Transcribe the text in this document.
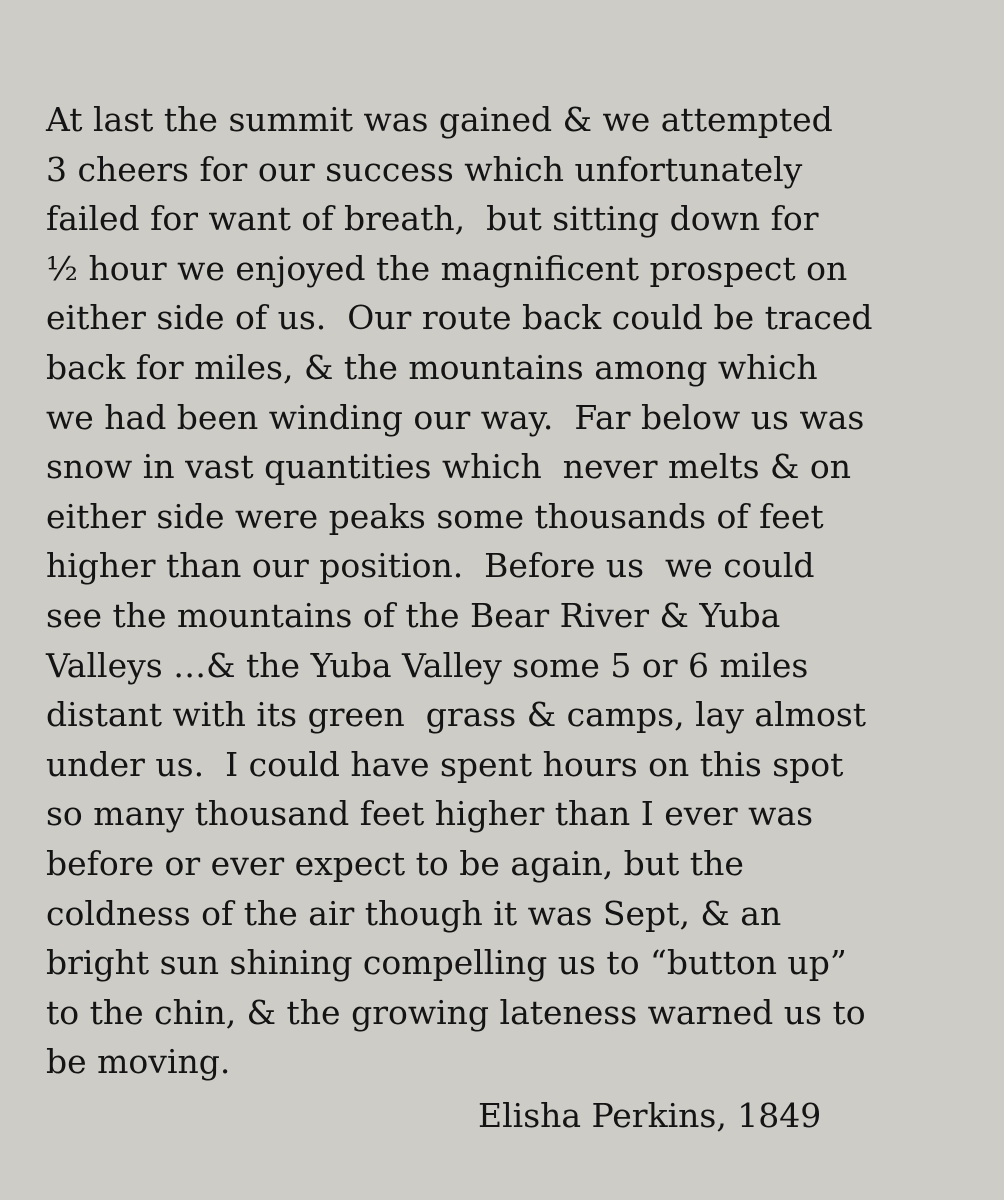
At last the summit was gained & we attempted
3 cheers for our success which unfortunately
failed for want of breath,  but sitting down for
½ hour we enjoyed the magnificent prospect on
either side of us.  Our route back could be traced
back for miles, & the mountains among which
we had been winding our way.  Far below us was
snow in vast quantities which  never melts & on
either side were peaks some thousands of feet
higher than our position.  Before us  we could
see the mountains of the Bear River & Yuba
Valleys …& the Yuba Valley some 5 or 6 miles
distant with its green  grass & camps, lay almost
under us.  I could have spent hours on this spot
so many thousand feet higher than I ever was
before or ever expect to be again, but the
coldness of the air though it was Sept, & an
bright sun shining compelling us to “button up”
to the chin, & the growing lateness warned us to
be moving.

Elisha Perkins, 1849
